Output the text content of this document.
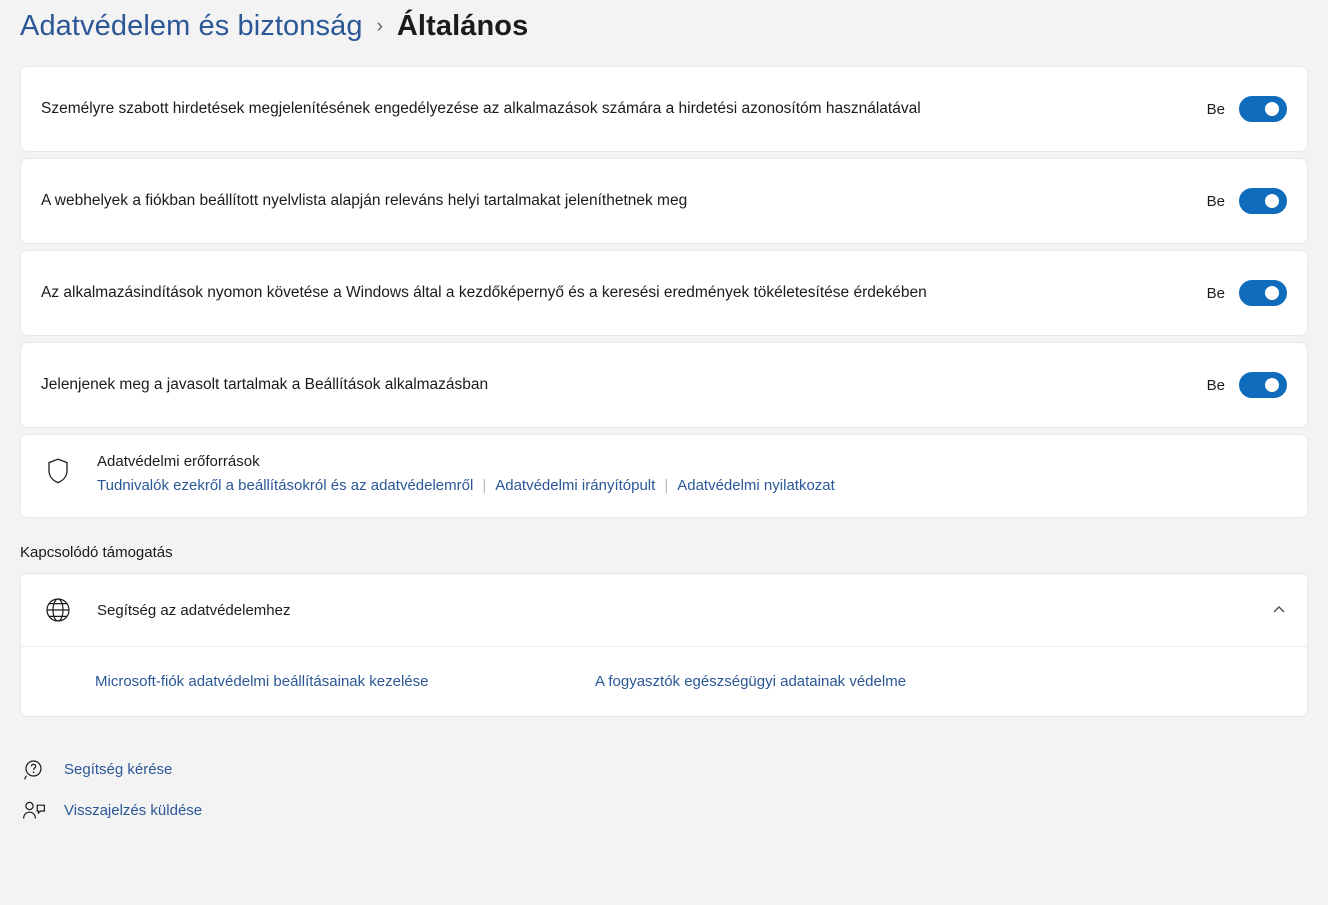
Adatvédelem és biztonság › Általános
Személyre szabott hirdetések megjelenítésének engedélyezése az alkalmazások számára a hirdetési azonosítóm használatával	Be
A webhelyek a fiókban beállított nyelvlista alapján releváns helyi tartalmakat jeleníthetnek meg	Be
Az alkalmazásindítások nyomon követése a Windows által a kezdőképernyő és a keresési eredmények tökéletesítése érdekében	Be
Jelenjenek meg a javasolt tartalmak a Beállítások alkalmazásban	Be
Adatvédelmi erőforrások
Tudnivalók ezekről a beállításokról és az adatvédelemről | Adatvédelmi irányítópult | Adatvédelmi nyilatkozat
Kapcsolódó támogatás
Segítség az adatvédelemhez
Microsoft-fiók adatvédelmi beállításainak kezelése	A fogyasztók egészségügyi adatainak védelme
Segítség kérése
Visszajelzés küldése
